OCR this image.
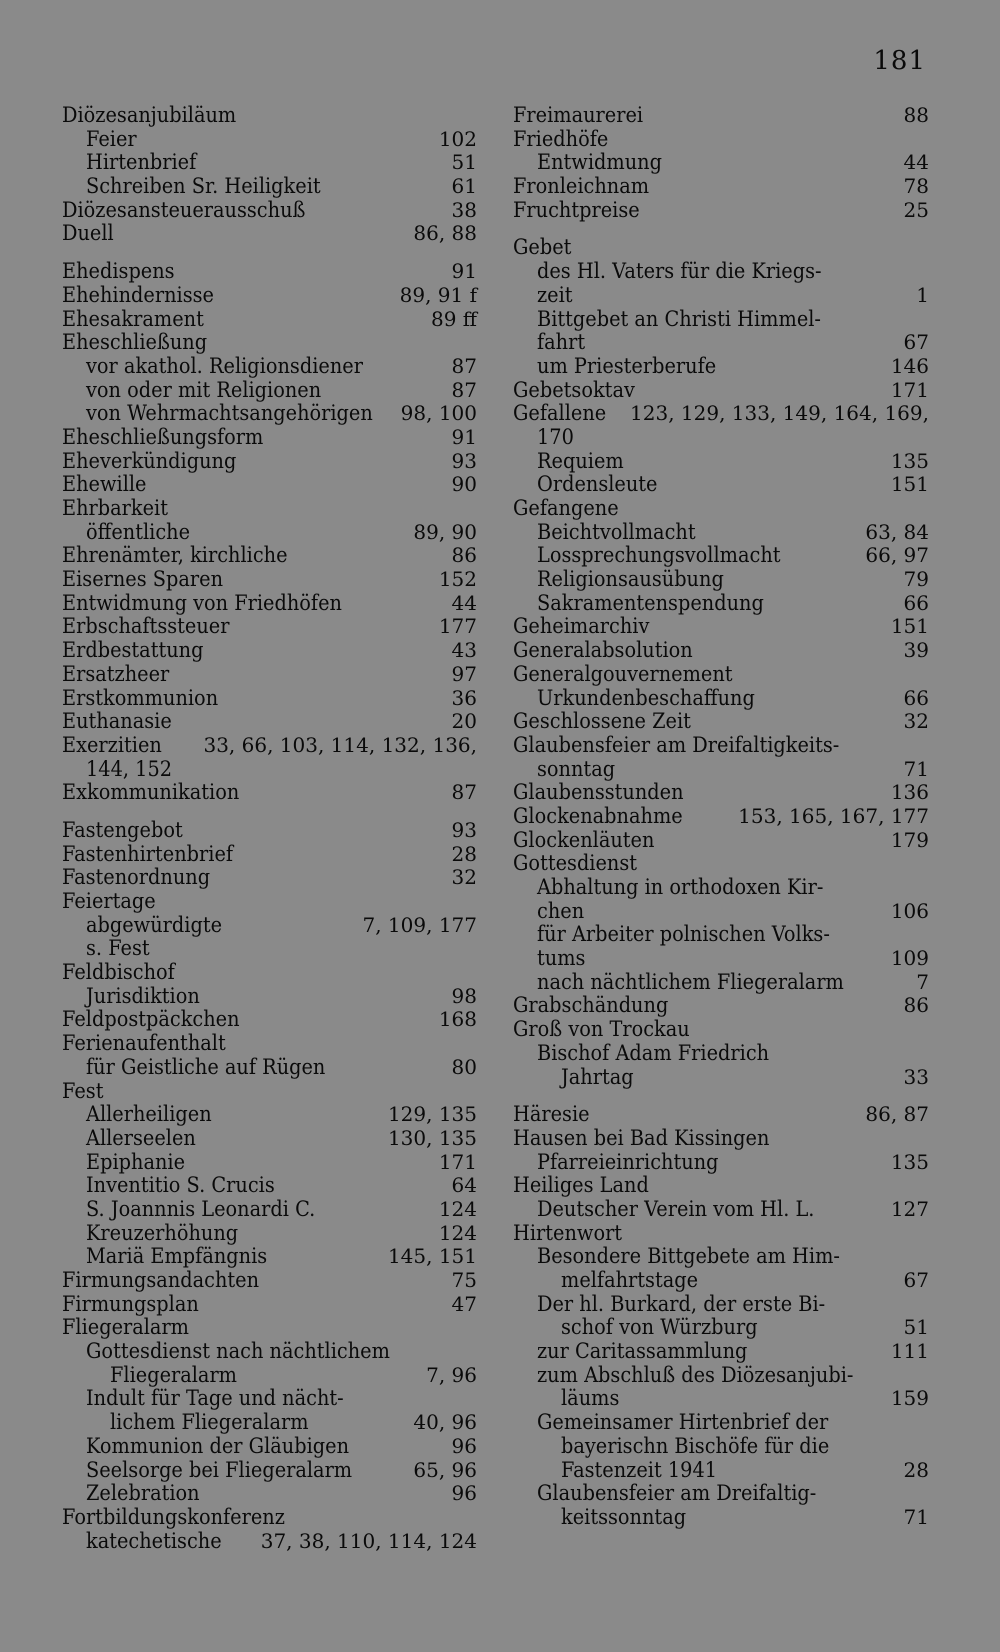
181
Diözesanjubiläum
Feier	102
Hirtenbrief	51
Schreiben Sr. Heiligkeit	61
Diözesansteuerausschuß	38
Duell	86, 88
Ehedispens	91
Ehehindernisse	89, 91 f
Ehesakrament	89 ff
Eheschließung
vor akathol. Religionsdiener	87
von oder mit Religionen	87
von Wehrmachtsangehörigen 98, 100
Eheschließungsform	91
Eheverkündigung	93
Ehewille	90
Ehrbarkeit
öffentliche	89, 90
Ehrenämter, kirchliche	86
Eisernes Sparen	152
Entwidmung von Friedhöfen	44
Erbschaftssteuer	177
Erdbestattung	43
Ersatzheer	97
Erstkommunion	36
Euthanasie	20
Exerzitien 33, 66, 103, 114, 132, 136,
144, 152
Exkommunikation	87
Fastengebot	93
Fastenhirtenbrief	28
Fastenordnung	32
Feiertage
abgewürdigte	7, 109, 177
s. Fest
Feldbischof
Jurisdiktion	98
Feldpostpäckchen	168
Ferienaufenthalt
für Geistliche auf Rügen	80
Fest
Allerheiligen	129, 135
Allerseelen	130, 135
Epiphanie	171
Inventitio S. Crucis	64
S. Joannnis Leonardi C.	124
Kreuzerhöhung	124
Mariä Empfängnis	145, 151
Firmungsandachten	75
Firmungsplan	47
Fliegeralarm
Gottesdienst nach nächtlichem
Fliegeralarm	7, 96
Indult für Tage und nächt-
lichem Fliegeralarm	40, 96
Kommunion der Gläubigen	96
Seelsorge bei Fliegeralarm	65, 96
Zelebration	96
Fortbildungskonferenz
katechetische 37, 38, 110, 114, 124
Freimaurerei	88
Friedhöfe
Entwidmung	44
Fronleichnam	78
Fruchtpreise	25
Gebet
des Hl. Vaters für die Kriegs-
zeit	1
Bittgebet an Christi Himmel-
fahrt	67
um Priesterberufe	146
Gebetsoktav	171
Gefallene 123, 129, 133, 149, 164, 169,
170
Requiem	135
Ordensleute	151
Gefangene
Beichtvollmacht	63, 84
Lossprechungsvollmacht	66, 97
Religionsausübung	79
Sakramentenspendung	66
Geheimarchiv	151
Generalabsolution	39
Generalgouvernement
Urkundenbeschaffung	66
Geschlossene Zeit	32
Glaubensfeier am Dreifaltigkeits-
sonntag	71
Glaubensstunden	136
Glockenabnahme	153, 165, 167, 177
Glockenläuten	179
Gottesdienst
Abhaltung in orthodoxen Kir-
chen	106
für Arbeiter polnischen Volks-
tums	109
nach nächtlichem Fliegeralarm	7
Grabschändung	86
Groß von Trockau
Bischof Adam Friedrich
Jahrtag	33
Häresie	86, 87
Hausen bei Bad Kissingen
Pfarreieinrichtung	135
Heiliges Land
Deutscher Verein vom Hl. L.	127
Hirtenwort
Besondere Bittgebete am Him-
melfahrtstage	67
Der hl. Burkard, der erste Bi-
schof von Würzburg	51
zur Caritassammlung	111
zum Abschluß des Diözesanjubi-
läums	159
Gemeinsamer Hirtenbrief der
bayerischn Bischöfe für die
Fastenzeit 1941	28
Glaubensfeier am Dreifaltig-
keitssonntag	71
